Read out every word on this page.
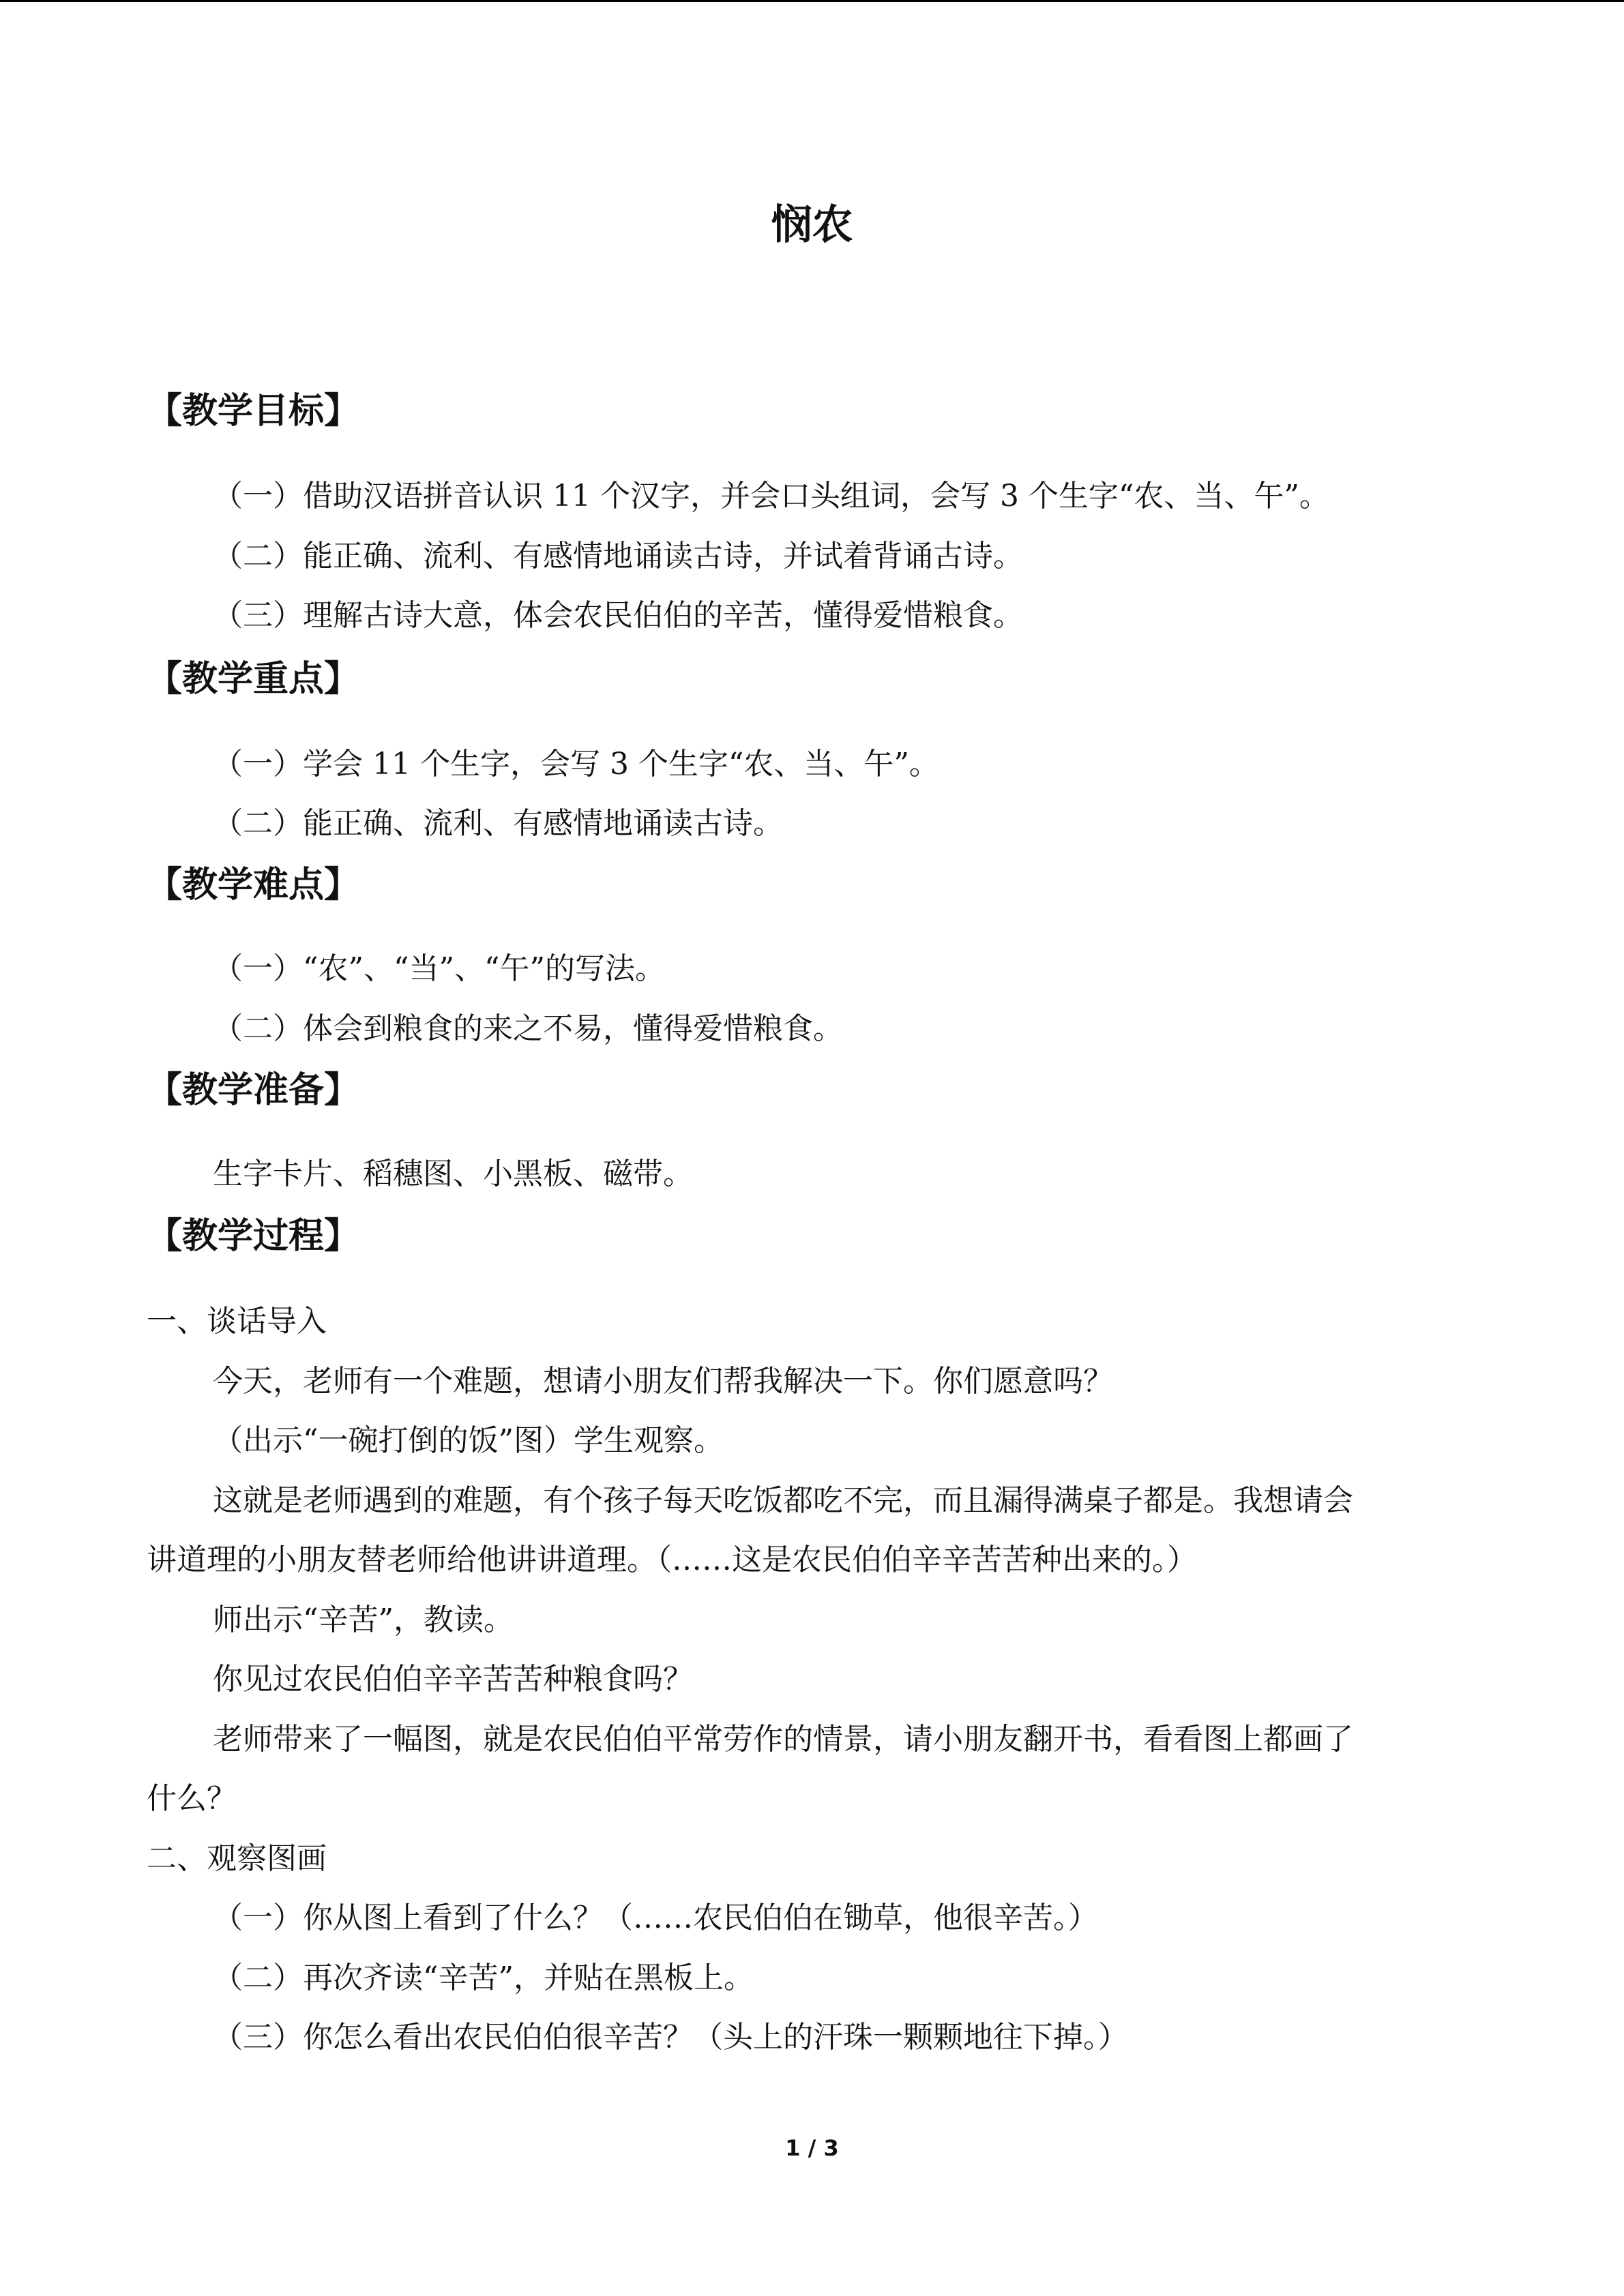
悯农
【教学目标】
（一）借助汉语拼音认识 11 个汉字，并会口头组词，会写 3 个生字“农、当、午”。
（二）能正确、流利、有感情地诵读古诗，并试着背诵古诗。
（三）理解古诗大意，体会农民伯伯的辛苦，懂得爱惜粮食。
【教学重点】
（一）学会 11 个生字，会写 3 个生字“农、当、午”。
（二）能正确、流利、有感情地诵读古诗。
【教学难点】
（一）“农”、“当”、“午”的写法。
（二）体会到粮食的来之不易，懂得爱惜粮食。
【教学准备】
生字卡片、稻穗图、小黑板、磁带。
【教学过程】
一、谈话导入
今天，老师有一个难题，想请小朋友们帮我解决一下。你们愿意吗？
（出示“一碗打倒的饭”图）学生观察。
这就是老师遇到的难题，有个孩子每天吃饭都吃不完，而且漏得满桌子都是。我想请会
讲道理的小朋友替老师给他讲讲道理。（……这是农民伯伯辛辛苦苦种出来的。）
师出示“辛苦”，教读。
你见过农民伯伯辛辛苦苦种粮食吗？
老师带来了一幅图，就是农民伯伯平常劳作的情景，请小朋友翻开书，看看图上都画了
什么？
二、观察图画
（一）你从图上看到了什么？（……农民伯伯在锄草，他很辛苦。）
（二）再次齐读“辛苦”，并贴在黑板上。
（三）你怎么看出农民伯伯很辛苦？（头上的汗珠一颗颗地往下掉。）
1 / 3
